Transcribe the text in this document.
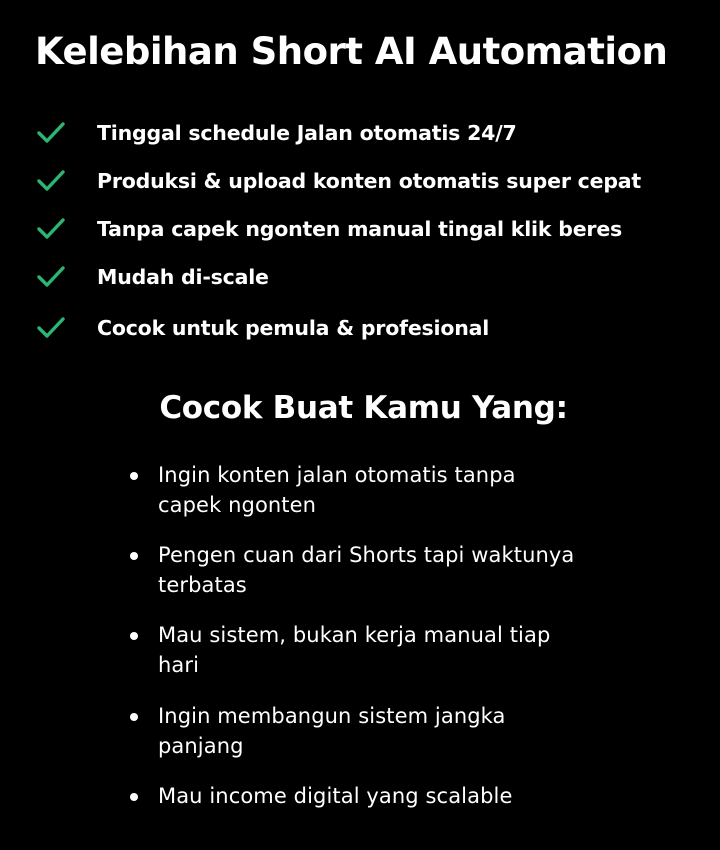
Kelebihan Short AI Automation
Tinggal schedule Jalan otomatis 24/7
Produksi & upload konten otomatis super cepat
Tanpa capek ngonten manual tingal klik beres
Mudah di-scale
Cocok untuk pemula & profesional
Cocok Buat Kamu Yang:
Ingin konten jalan otomatis tanpa capek ngonten
Pengen cuan dari Shorts tapi waktunya terbatas
Mau sistem, bukan kerja manual tiap hari
Ingin membangun sistem jangka panjang
Mau income digital yang scalable
